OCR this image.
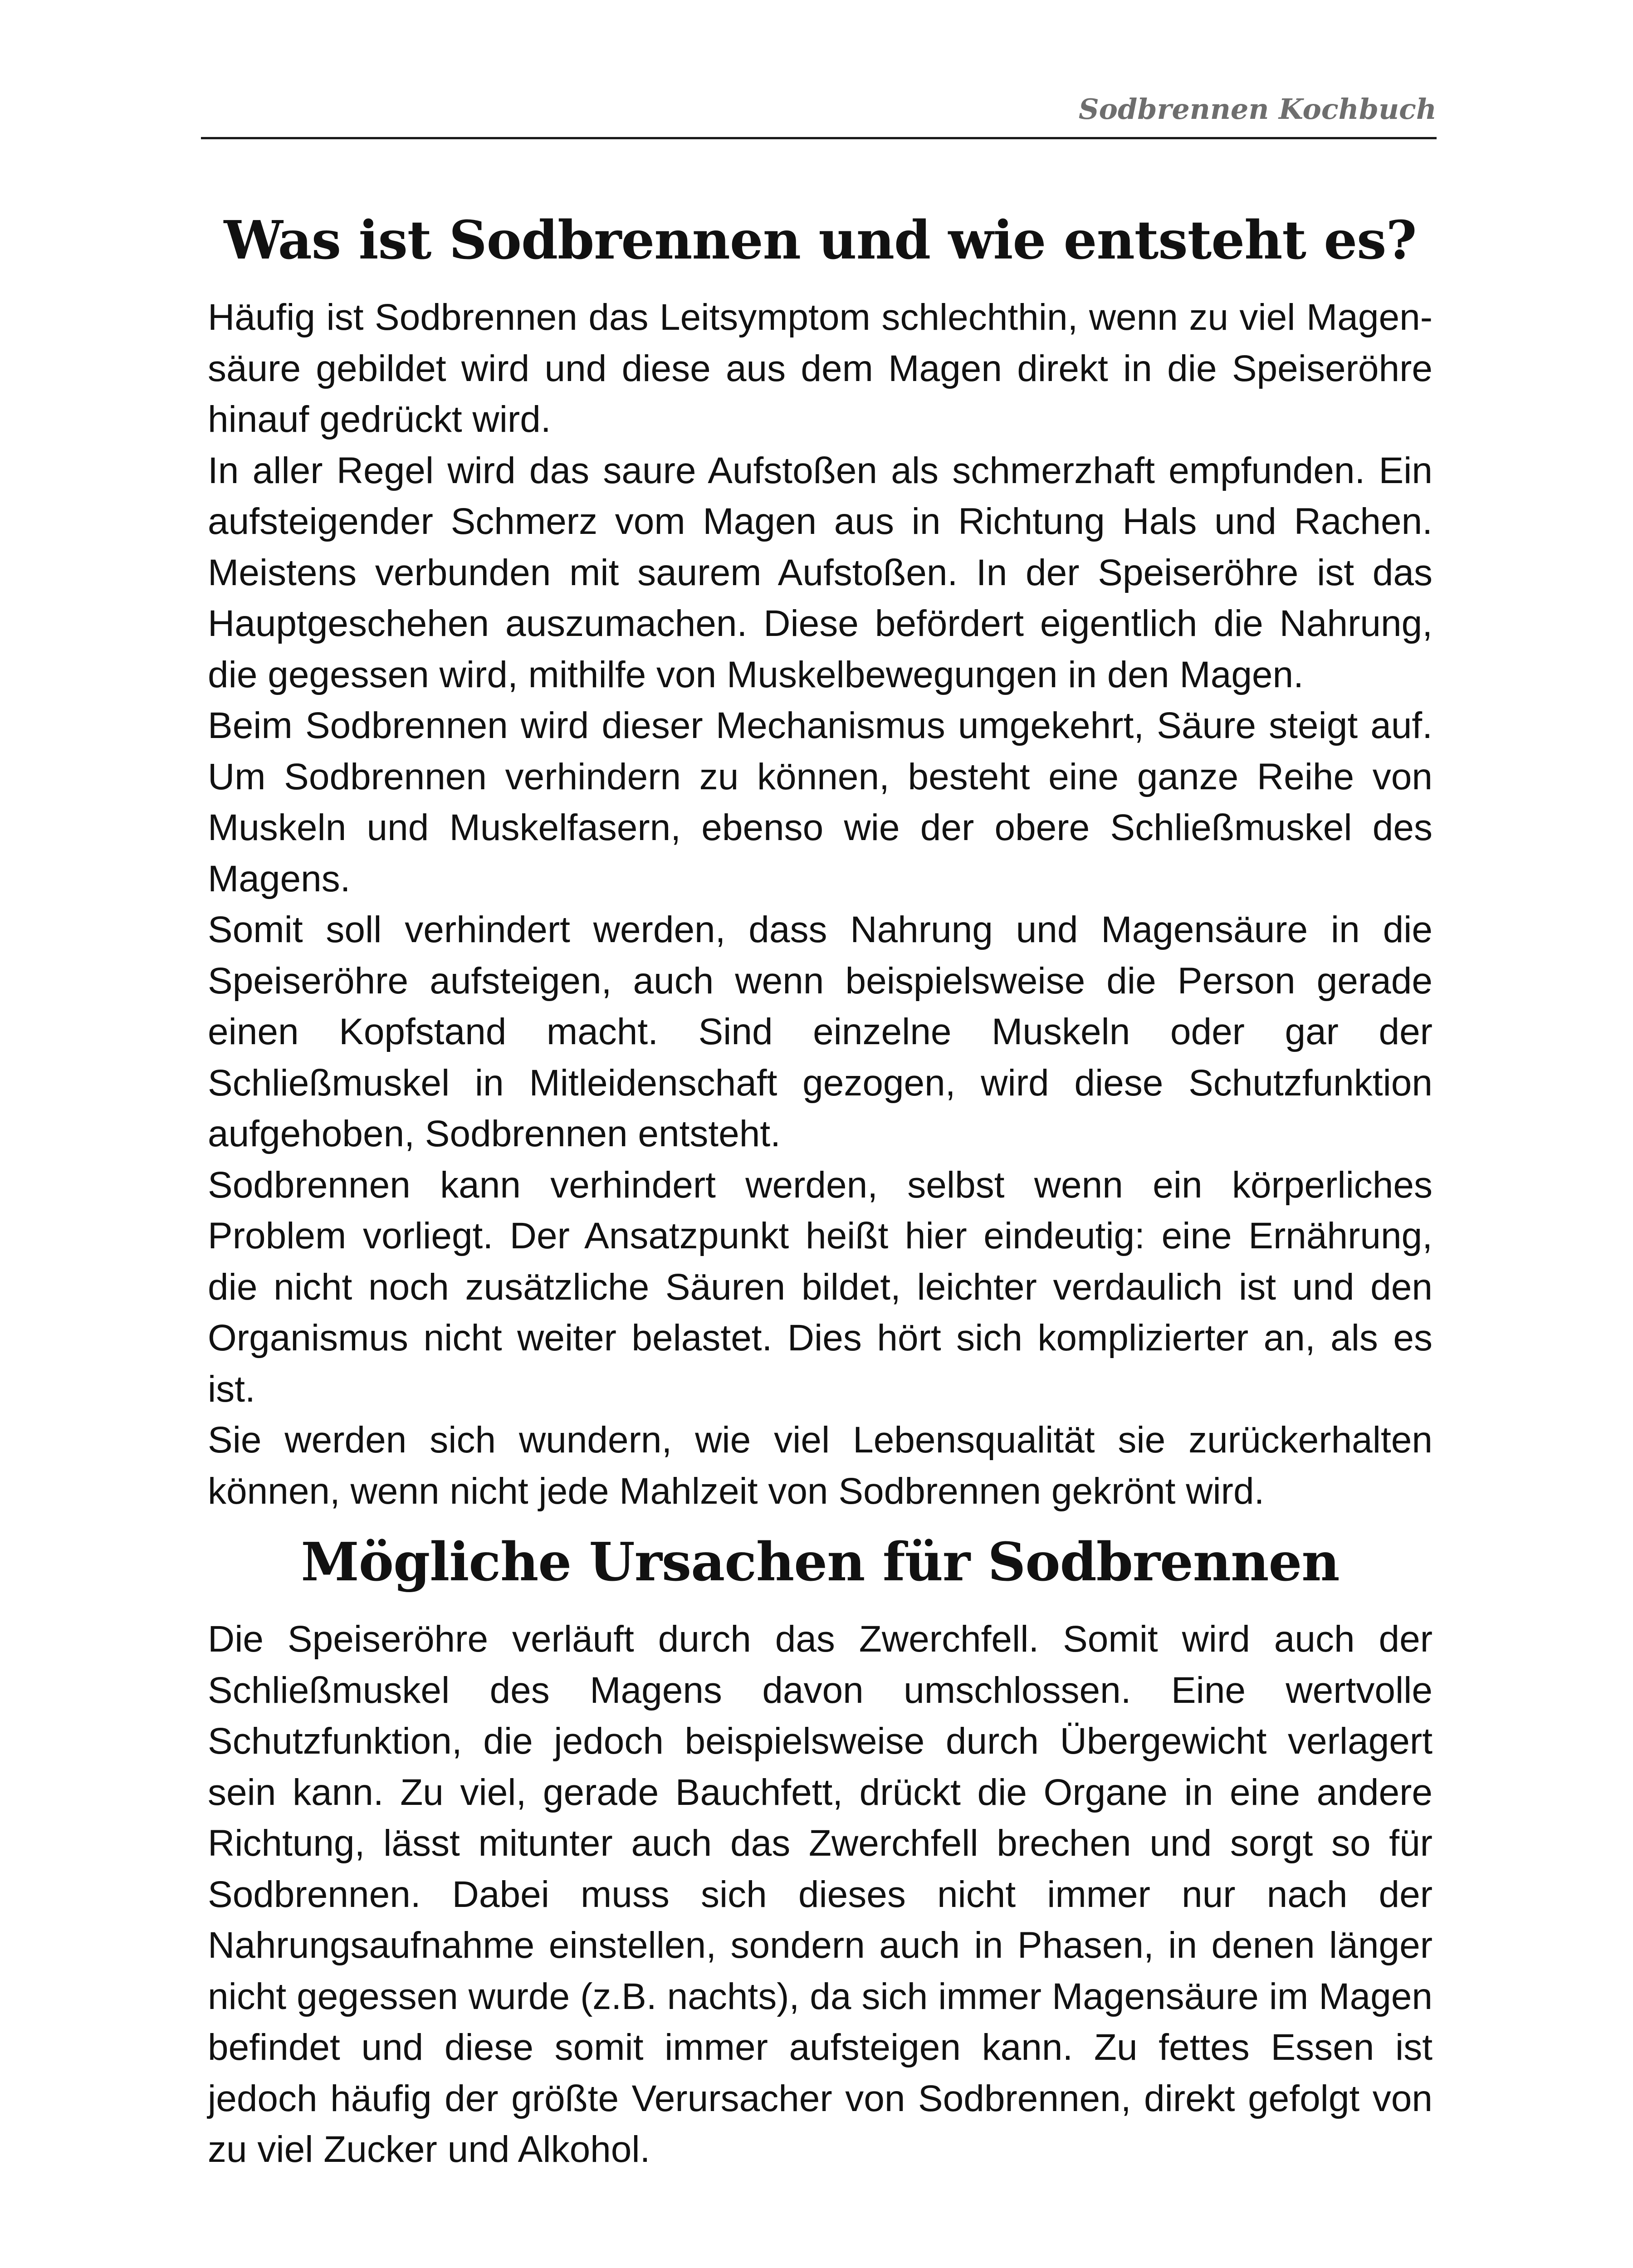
Sodbrennen Kochbuch
Was ist Sodbrennen und wie entsteht es?

Häufig ist Sodbrennen das Leitsymptom schlechthin, wenn zu viel Magensäure gebildet wird und diese aus dem Magen direkt in die Speiseröhre hinauf gedrückt wird.

In aller Regel wird das saure Aufstoßen als schmerzhaft empfunden. Ein aufsteigender Schmerz vom Magen aus in Richtung Hals und Rachen. Meistens verbunden mit saurem Aufstoßen. In der Speiseröhre ist das Hauptgeschehen auszumachen. Diese befördert eigentlich die Nahrung, die gegessen wird, mithilfe von Muskelbewegungen in den Magen.

Beim Sodbrennen wird dieser Mechanismus umgekehrt, Säure steigt auf. Um Sodbrennen verhindern zu können, besteht eine ganze Reihe von Muskeln und Muskelfasern, ebenso wie der obere Schließmuskel des Magens.

Somit soll verhindert werden, dass Nahrung und Magensäure in die Speiseröhre aufsteigen, auch wenn beispielsweise die Person gerade einen Kopfstand macht. Sind einzelne Muskeln oder gar der Schließmuskel in Mitleidenschaft gezogen, wird diese Schutzfunktion aufgehoben, Sodbrennen entsteht.

Sodbrennen kann verhindert werden, selbst wenn ein körperliches Problem vorliegt. Der Ansatzpunkt heißt hier eindeutig: eine Ernährung, die nicht noch zusätzliche Säuren bildet, leichter verdaulich ist und den Organismus nicht weiter belastet. Dies hört sich komplizierter an, als es ist.

Sie werden sich wundern, wie viel Lebensqualität sie zurückerhalten können, wenn nicht jede Mahlzeit von Sodbrennen gekrönt wird.

Mögliche Ursachen für Sodbrennen

Die Speiseröhre verläuft durch das Zwerchfell. Somit wird auch der Schließmuskel des Magens davon umschlossen. Eine wertvolle Schutzfunktion, die jedoch beispielsweise durch Übergewicht verlagert sein kann. Zu viel, gerade Bauchfett, drückt die Organe in eine andere Richtung, lässt mitunter auch das Zwerchfell brechen und sorgt so für Sodbrennen. Dabei muss sich dieses nicht immer nur nach der Nahrungsaufnahme einstellen, sondern auch in Phasen, in denen länger nicht gegessen wurde (z.B. nachts), da sich immer Magensäure im Magen befindet und diese somit immer aufsteigen kann. Zu fettes Essen ist jedoch häufig der größte Verursacher von Sodbrennen, direkt gefolgt von zu viel Zucker und Alkohol.
